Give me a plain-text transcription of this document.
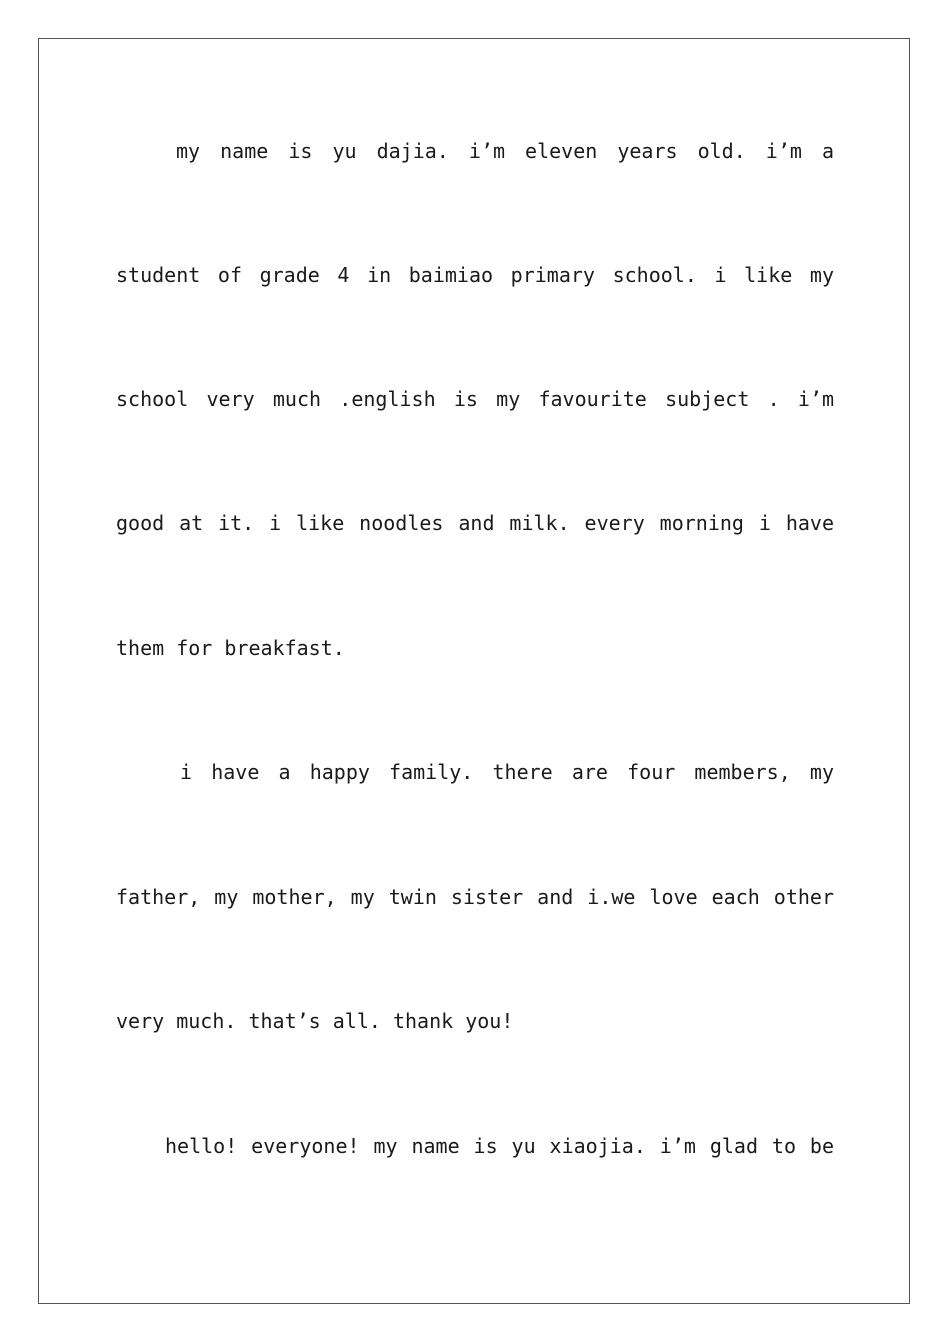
my name is yu dajia. i’m eleven years old. i’m a
student of grade 4 in baimiao primary school. i like my
school very much .english is my favourite subject . i’m
good at it. i like noodles and milk. every morning i have
them for breakfast.
i have a happy family. there are four members, my
father, my mother, my twin sister and i.we love each other
very much. that’s all. thank you!
hello! everyone! my name is yu xiaojia. i’m glad to be
